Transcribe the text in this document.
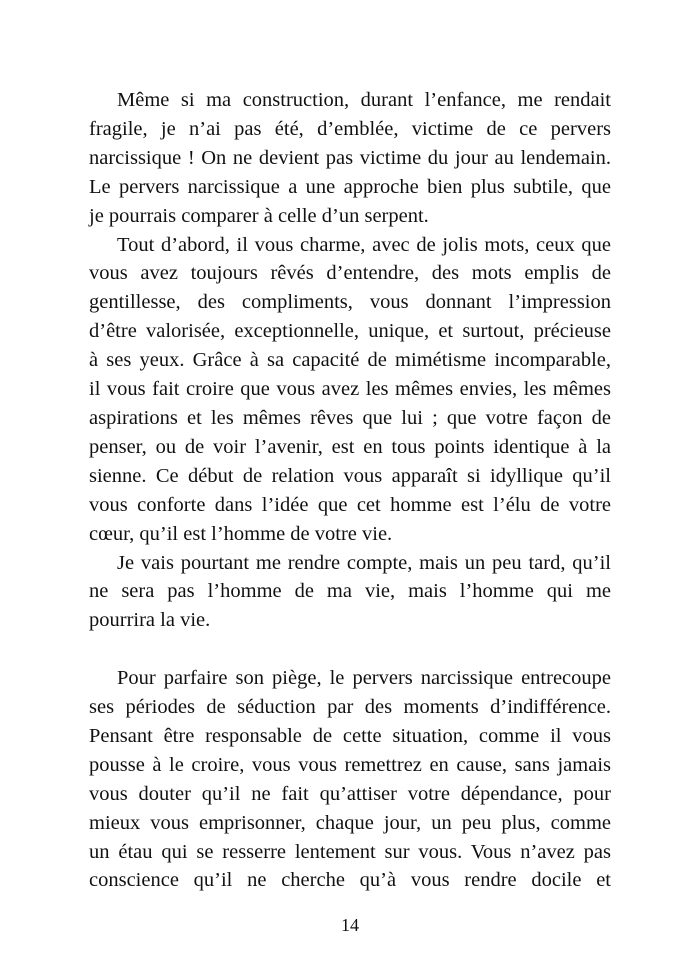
Même si ma construction, durant l’enfance, me rendait
fragile, je n’ai pas été, d’emblée, victime de ce pervers
narcissique ! On ne devient pas victime du jour au lendemain.
Le pervers narcissique a une approche bien plus subtile, que
je pourrais comparer à celle d’un serpent.
Tout d’abord, il vous charme, avec de jolis mots, ceux que
vous avez toujours rêvés d’entendre, des mots emplis de
gentillesse, des compliments, vous donnant l’impression
d’être valorisée, exceptionnelle, unique, et surtout, précieuse
à ses yeux. Grâce à sa capacité de mimétisme incomparable,
il vous fait croire que vous avez les mêmes envies, les mêmes
aspirations et les mêmes rêves que lui ; que votre façon de
penser, ou de voir l’avenir, est en tous points identique à la
sienne. Ce début de relation vous apparaît si idyllique qu’il
vous conforte dans l’idée que cet homme est l’élu de votre
cœur, qu’il est l’homme de votre vie.
Je vais pourtant me rendre compte, mais un peu tard, qu’il
ne sera pas l’homme de ma vie, mais l’homme qui me
pourrira la vie.
Pour parfaire son piège, le pervers narcissique entrecoupe
ses périodes de séduction par des moments d’indifférence.
Pensant être responsable de cette situation, comme il vous
pousse à le croire, vous vous remettrez en cause, sans jamais
vous douter qu’il ne fait qu’attiser votre dépendance, pour
mieux vous emprisonner, chaque jour, un peu plus, comme
un étau qui se resserre lentement sur vous. Vous n’avez pas
conscience qu’il ne cherche qu’à vous rendre docile et
14
